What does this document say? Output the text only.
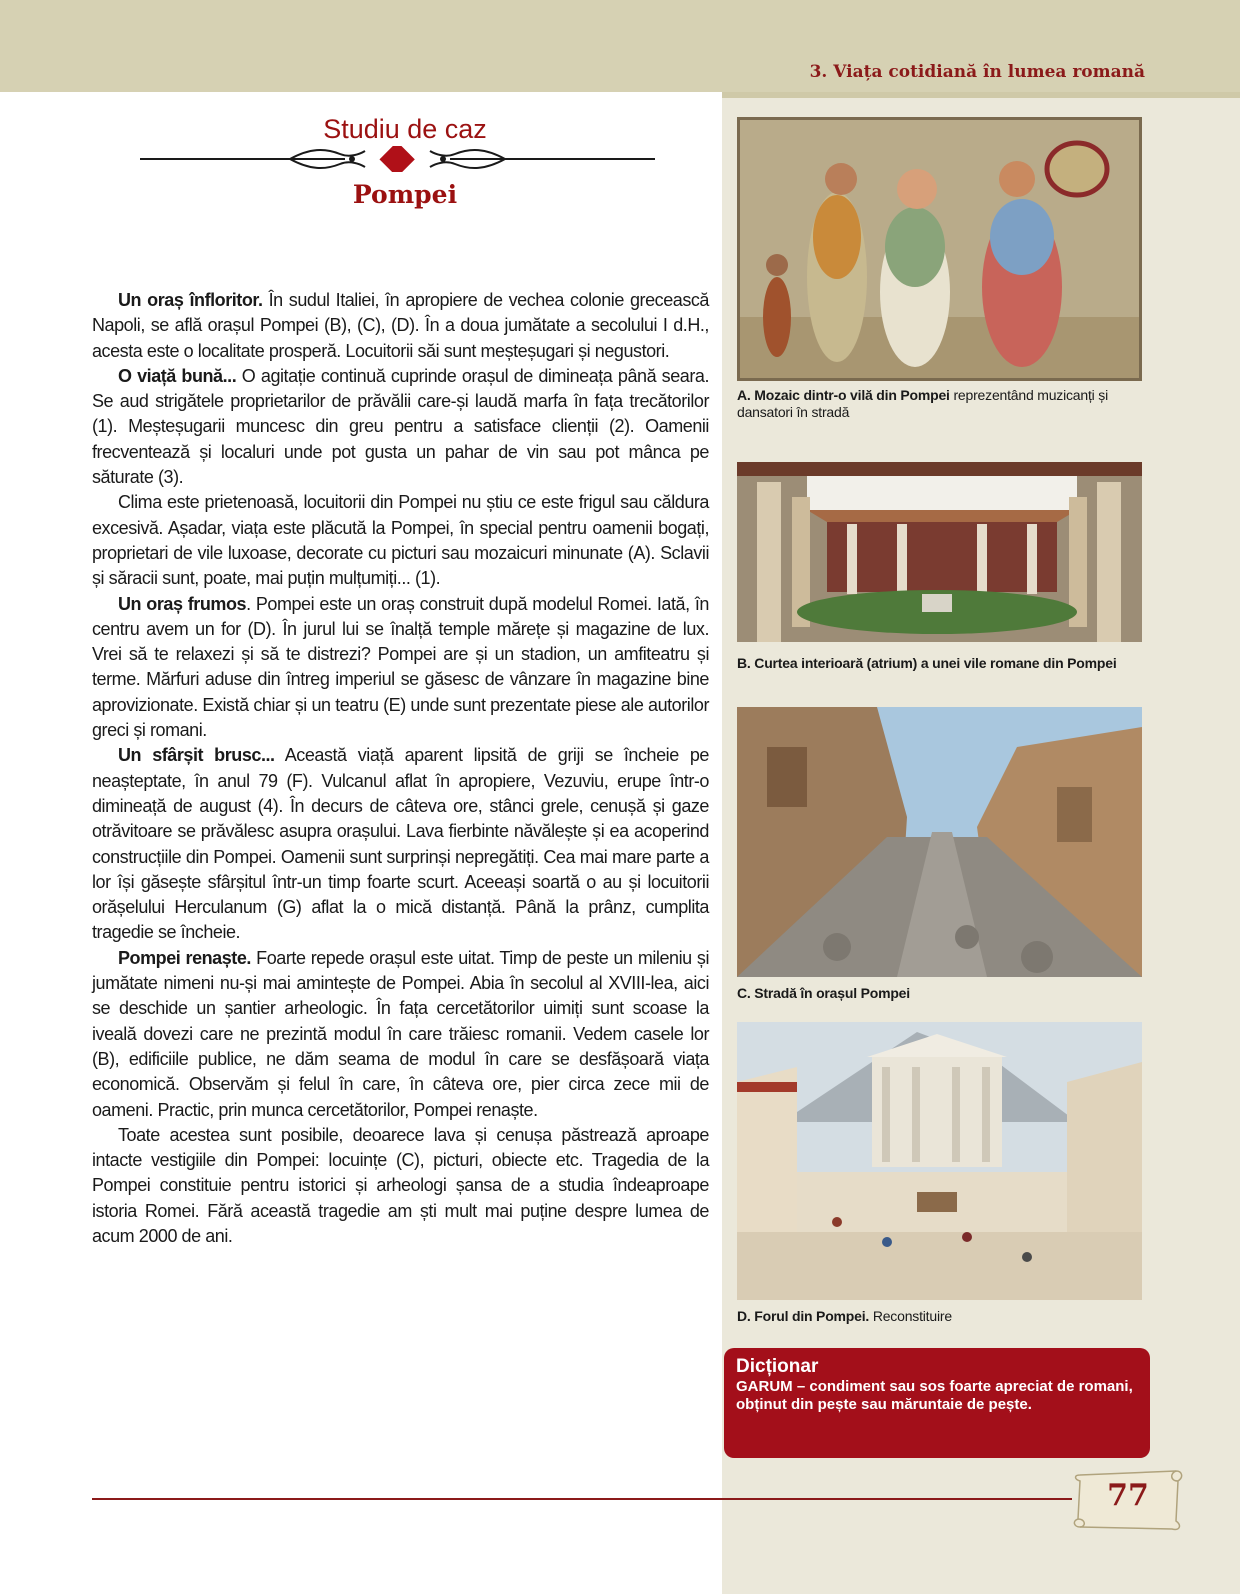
3. Viața cotidiană în lumea romană
Studiu de caz
Pompei

Un oraș înfloritor. În sudul Italiei, în apropiere de vechea colonie grecească Napoli, se află orașul Pompei (B), (C), (D). În a doua jumătate a secolului I d.H., acesta este o localitate prosperă. Locuitorii săi sunt meșteșugari și negustori.

O viață bună... O agitație continuă cuprinde orașul de dimineața până seara. Se aud strigătele proprietarilor de prăvălii care-și laudă marfa în fața trecătorilor (1). Meșteșugarii muncesc din greu pentru a satisface clienții (2). Oamenii frecventează și localuri unde pot gusta un pahar de vin sau pot mânca pe săturate (3).

Clima este prietenoasă, locuitorii din Pompei nu știu ce este frigul sau căldura excesivă. Așadar, viața este plăcută la Pompei, în special pentru oamenii bogați, proprietari de vile luxoase, decorate cu picturi sau mozaicuri minunate (A). Sclavii și săracii sunt, poate, mai puțin mulțumiți... (1).

Un oraș frumos. Pompei este un oraș construit după modelul Romei. Iată, în centru avem un for (D). În jurul lui se înalță temple mărețe și magazine de lux. Vrei să te relaxezi și să te distrezi? Pompei are și un stadion, un amfiteatru și terme. Mărfuri aduse din întreg imperiul se găsesc de vânzare în magazine bine aprovizionate. Există chiar și un teatru (E) unde sunt prezentate piese ale autorilor greci și romani.

Un sfârșit brusc... Această viață aparent lipsită de griji se încheie pe neașteptate, în anul 79 (F). Vulcanul aflat în apropiere, Vezuviu, erupe într-o dimineață de august (4). În decurs de câteva ore, stânci grele, cenușă și gaze otrăvitoare se prăvălesc asupra orașului. Lava fierbinte năvălește și ea acoperind construcțiile din Pompei. Oamenii sunt surprinși nepregătiți. Cea mai mare parte a lor își găsește sfârșitul într-un timp foarte scurt. Aceeași soartă o au și locuitorii orășelului Herculanum (G) aflat la o mică distanță. Până la prânz, cumplita tragedie se încheie.

Pompei renaște. Foarte repede orașul este uitat. Timp de peste un mileniu și jumătate nimeni nu-și mai amintește de Pompei. Abia în secolul al XVIII-lea, aici se deschide un șantier arheologic. În fața cercetătorilor uimiți sunt scoase la iveală dovezi care ne prezintă modul în care trăiesc romanii. Vedem casele lor (B), edificiile publice, ne dăm seama de modul în care se desfășoară viața economică. Observăm și felul în care, în câteva ore, pier circa zece mii de oameni. Practic, prin munca cercetătorilor, Pompei renaște.

Toate acestea sunt posibile, deoarece lava și cenușa păstrează aproape intacte vestigiile din Pompei: locuințe (C), picturi, obiecte etc. Tragedia de la Pompei constituie pentru istorici și arheologi șansa de a studia îndeaproape istoria Romei. Fără această tragedie am ști mult mai puține despre lumea de acum 2000 de ani.

A. Mozaic dintr-o vilă din Pompei reprezentând muzicanți și dansatori în stradă
B. Curtea interioară (atrium) a unei vile romane din Pompei
C. Stradă în orașul Pompei
D. Forul din Pompei. Reconstituire
Dicționar
GARUM – condiment sau sos foarte apreciat de romani, obținut din pește sau măruntaie de pește.
77
